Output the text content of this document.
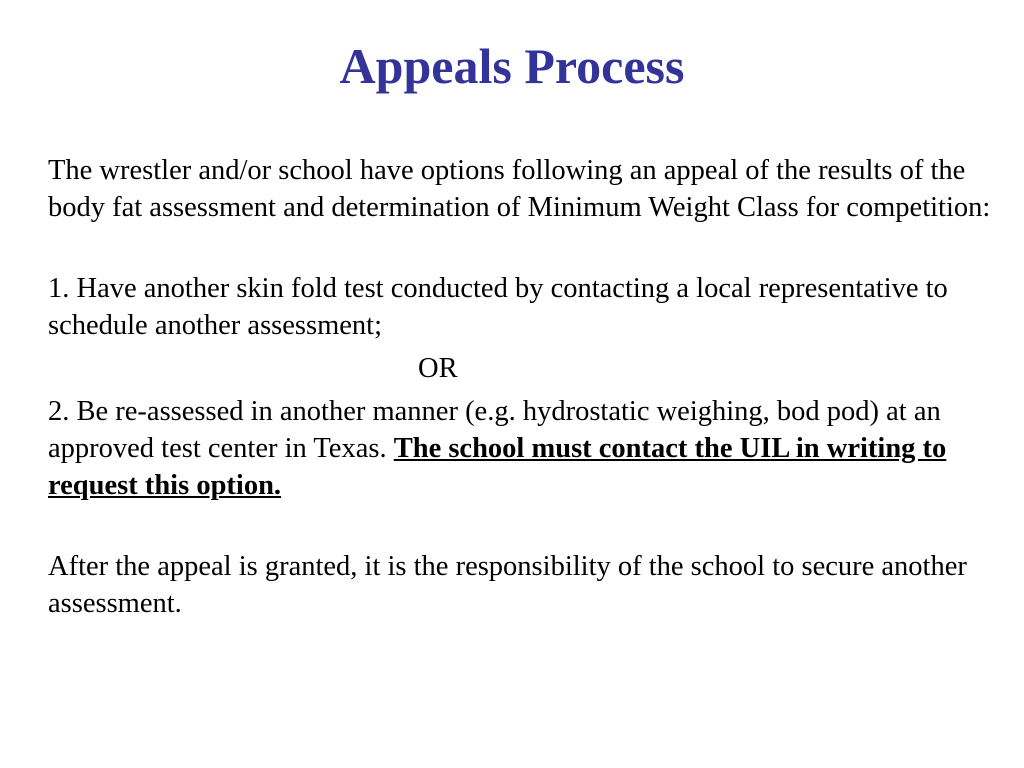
Appeals Process

The wrestler and/or school have options following an appeal of the results of the body fat assessment and determination of Minimum Weight Class for competition:

1. Have another skin fold test conducted by contacting a local representative to schedule another assessment;

OR

2. Be re-assessed in another manner (e.g. hydrostatic weighing, bod pod) at an approved test center in Texas. The school must contact the UIL in writing to request this option.

After the appeal is granted, it is the responsibility of the school to secure another assessment.
